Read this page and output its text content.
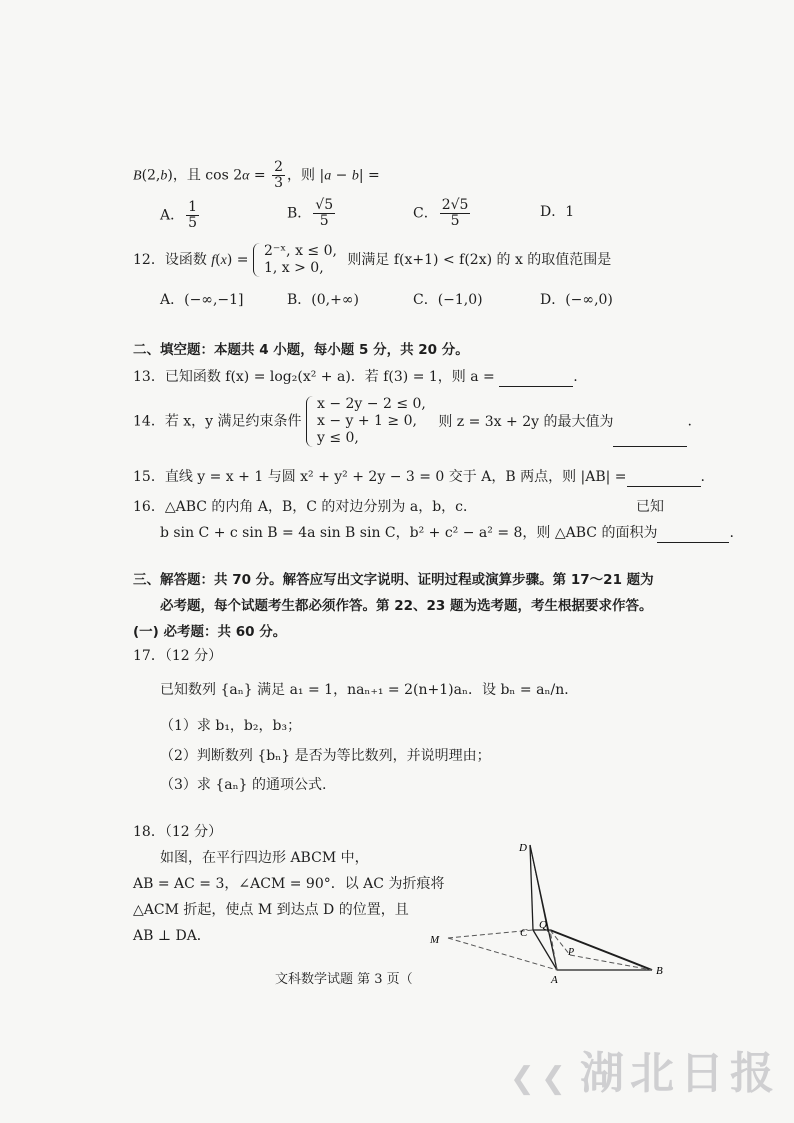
B(2,b)，且 $\cos 2\alpha = \frac{2}{3}$ ，则 |a − b| =
A． $\frac{1}{5}$	B． $\frac{√5}{5}$	C． $\frac{2√5}{5}$	D．1
12．设函数 f(x) =
2⁻ˣ, x ≤ 0,
1, x > 0,	则满足 f(x+1) < f(2x) 的 x 的取值范围是
A．(−∞,−1]	B．(0,+∞)	C．(−1,0)	D．(−∞,0)
二、填空题：本题共 4 小题，每小题 5 分，共 20 分。
13．已知函数 f(x) = log₂(x² + a)．若 f(3) = 1，则 a =	.
14．若 x，y 满足约束条件
x − 2y − 2 ≤ 0,
x − y + 1 ≥ 0,
y ≤ 0,
则 z = 3x + 2y 的最大值为	.
15．直线 y = x + 1 与圆 x² + y² + 2y − 3 = 0 交于 A，B 两点，则 |AB| =	.
16．△ABC 的内角 A，B，C 的对边分别为 a，b，c．	已知
b sin C + c sin B = 4a sin B sin C，b² + c² − a² = 8，则 △ABC 的面积为	.
三、解答题：共 70 分。解答应写出文字说明、证明过程或演算步骤。第 17～21 题为
必考题，每个试题考生都必须作答。第 22、23 题为选考题，考生根据要求作答。
(一) 必考题：共 60 分。
17．（12 分）
已知数列 {aₙ} 满足 a₁ = 1，naₙ₊₁ = 2(n+1)aₙ．设 bₙ = aₙ/n．
（1）求 b₁，b₂，b₃；
（2）判断数列 {bₙ} 是否为等比数列，并说明理由；
（3）求 {aₙ} 的通项公式.
18．（12 分）
如图，在平行四边形 ABCM 中，
AB = AC = 3，∠ACM = 90°．以 AC 为折痕将
△ACM 折起，使点 M 到达点 D 的位置，且
AB ⊥ DA．
D
M
C
Q
P
A
B
文科数学试题 第 3 页（
❮❮ 湖北日报
